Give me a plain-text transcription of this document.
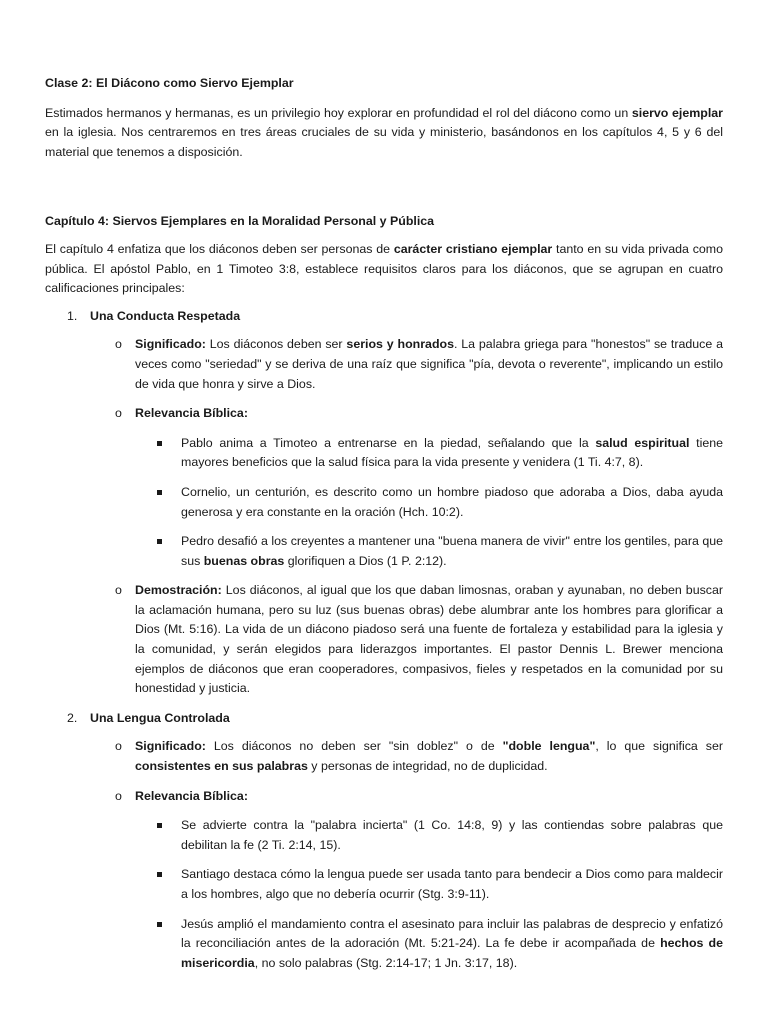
Clase 2: El Diácono como Siervo Ejemplar

Estimados hermanos y hermanas, es un privilegio hoy explorar en profundidad el rol del diácono como un siervo ejemplar en la iglesia. Nos centraremos en tres áreas cruciales de su vida y ministerio, basándonos en los capítulos 4, 5 y 6 del material que tenemos a disposición.

Capítulo 4: Siervos Ejemplares en la Moralidad Personal y Pública

El capítulo 4 enfatiza que los diáconos deben ser personas de carácter cristiano ejemplar tanto en su vida privada como pública. El apóstol Pablo, en 1 Timoteo 3:8, establece requisitos claros para los diáconos, que se agrupan en cuatro calificaciones principales:

1. Una Conducta Respetada

o Significado: Los diáconos deben ser serios y honrados. La palabra griega para "honestos" se traduce a veces como "seriedad" y se deriva de una raíz que significa "pía, devota o reverente", implicando un estilo de vida que honra y sirve a Dios.

o Relevancia Bíblica:

Pablo anima a Timoteo a entrenarse en la piedad, señalando que la salud espiritual tiene mayores beneficios que la salud física para la vida presente y venidera (1 Ti. 4:7, 8).

Cornelio, un centurión, es descrito como un hombre piadoso que adoraba a Dios, daba ayuda generosa y era constante en la oración (Hch. 10:2).

Pedro desafió a los creyentes a mantener una "buena manera de vivir" entre los gentiles, para que sus buenas obras glorifiquen a Dios (1 P. 2:12).

o Demostración: Los diáconos, al igual que los que daban limosnas, oraban y ayunaban, no deben buscar la aclamación humana, pero su luz (sus buenas obras) debe alumbrar ante los hombres para glorificar a Dios (Mt. 5:16). La vida de un diácono piadoso será una fuente de fortaleza y estabilidad para la iglesia y la comunidad, y serán elegidos para liderazgos importantes. El pastor Dennis L. Brewer menciona ejemplos de diáconos que eran cooperadores, compasivos, fieles y respetados en la comunidad por su honestidad y justicia.

2. Una Lengua Controlada

o Significado: Los diáconos no deben ser "sin doblez" o de "doble lengua", lo que significa ser consistentes en sus palabras y personas de integridad, no de duplicidad.

o Relevancia Bíblica:

Se advierte contra la "palabra incierta" (1 Co. 14:8, 9) y las contiendas sobre palabras que debilitan la fe (2 Ti. 2:14, 15).

Santiago destaca cómo la lengua puede ser usada tanto para bendecir a Dios como para maldecir a los hombres, algo que no debería ocurrir (Stg. 3:9-11).

Jesús amplió el mandamiento contra el asesinato para incluir las palabras de desprecio y enfatizó la reconciliación antes de la adoración (Mt. 5:21-24). La fe debe ir acompañada de hechos de misericordia, no solo palabras (Stg. 2:14-17; 1 Jn. 3:17, 18).
